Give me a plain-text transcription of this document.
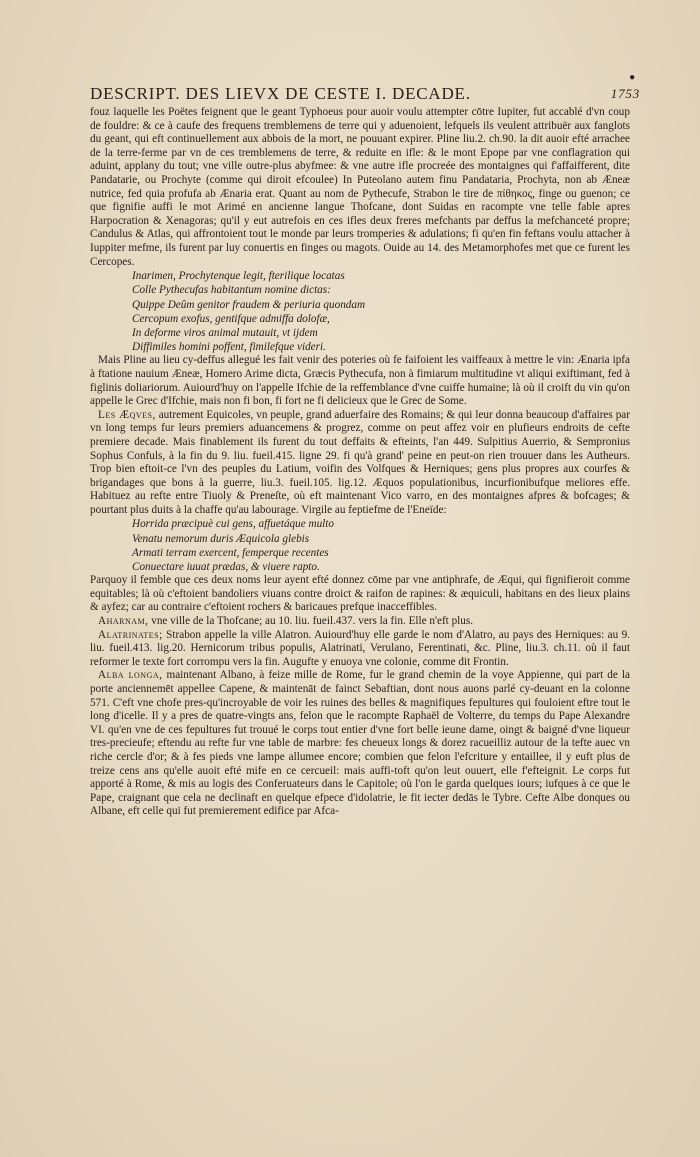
DESCRIPT. DES LIEVX DE CESTE I. DECADE.	1753
●

fouz laquelle les Poëtes feignent que le geant Typhoeus pour auoir voulu attempter cōtre Iupiter, fut accablé d'vn coup de fouldre: & ce à caufe des frequens tremblemens de terre qui y aduenoient, lefquels ils veulent attribuër aux fanglots du geant, qui eft continuellement aux abbois de la mort, ne pouuant expirer. Pline liu.2. ch.90. la dit auoir efté arrachee de la terre-ferme par vn de ces tremblemens de terre, & reduite en ifle: & le mont Epope par vne conflagration qui aduint, applany du tout; vne ville outre-plus abyfmee: & vne autre ifle procreée des montaignes qui f'affaifferent, dite Pandatarie, ou Prochyte (comme qui diroit efcoulee) In Puteolano autem finu Pandataria, Prochyta, non ab Æneæ nutrice, fed quia profufa ab Ænaria erat. Quant au nom de Pythecufe, Strabon le tire de πίθηκος, finge ou guenon; ce que fignifie auffi le mot Arimé en ancienne langue Thofcane, dont Suidas en racompte vne telle fable apres Harpocration & Xenagoras; qu'il y eut autrefois en ces ifles deux freres mefchants par deffus la mefchanceté propre; Candulus & Atlas, qui affrontoient tout le monde par leurs tromperies & adulations; fi qu'en fin feftans voulu attacher à Iuppiter mefme, ils furent par luy conuertis en finges ou magots. Ouide au 14. des Metamorphofes met que ce furent les Cercopes.

Inarimen, Prochytenque legit, fterilique locatas
Colle Pythecufas habitantum nomine dictas:
Quippe Deûm genitor fraudem & periuria quondam
Cercopum exofus, gentifque admiffa dolofæ,
In deforme viros animal mutauit, vt ijdem
Diffimiles homini poffent, fimilefque videri.

Mais Pline au lieu cy-deffus allegué les fait venir des poteries où fe faifoient les vaiffeaux à mettre le vin: Ænaria ipfa à ftatione nauium Æneæ, Homero Arime dicta, Græcis Pythecufa, non à fimiarum multitudine vt aliqui exiftimant, fed à figlinis doliariorum. Auiourd'huy on l'appelle Ifchie de la reffemblance d'vne cuiffe humaine; là où il croift du vin qu'on appelle le Grec d'Ifchie, mais non fi bon, fi fort ne fi delicieux que le Grec de Some.

Les Æqves, autrement Equicoles, vn peuple, grand aduerfaire des Romains; & qui leur donna beaucoup d'affaires par vn long temps fur leurs premiers aduancemens & progrez, comme on peut affez voir en plufieurs endroits de cefte premiere decade. Mais finablement ils furent du tout deffaits & efteints, l'an 449. Sulpitius Auerrio, & Sempronius Sophus Confuls, à la fin du 9. liu. fueil.415. ligne 29. fi qu'à grand' peine en peut-on rien trouuer dans les Autheurs. Trop bien eftoit-ce l'vn des peuples du Latium, voifin des Volfques & Herniques; gens plus propres aux courfes & brigandages que bons à la guerre, liu.3. fueil.105. lig.12. Æquos populationibus, incurfionibufque meliores effe. Habituez au refte entre Tiuoly & Preneſte, où eft maintenant Vico varro, en des montaignes afpres & bofcages; & pourtant plus duits à la chaffe qu'au labourage. Virgile au feptiefme de l'Eneïde:

Horrida præcipuè cui gens, affuetáque multo
Venatu nemorum duris Æquicola glebis
Armati terram exercent, femperque recentes
Conuectare iuuat prædas, & viuere rapto.

Parquoy il femble que ces deux noms leur ayent efté donnez cōme par vne antiphrafe, de Æqui, qui fignifieroit comme equitables; là où c'eftoient bandoliers viuans contre droict & raifon de rapines: & æquiculi, habitans en des lieux plains & ayfez; car au contraire c'eftoient rochers & baricaues prefque inacceffibles.

Aharnam, vne ville de la Thofcane; au 10. liu. fueil.437. vers la fin. Elle n'eft plus.

Alatrinates; Strabon appelle la ville Alatron. Auiourd'huy elle garde le nom d'Alatro, au pays des Herniques: au 9. liu. fueil.413. lig.20. Hernicorum tribus populis, Alatrinati, Verulano, Ferentinati, &c. Pline, liu.3. ch.11. où il faut reformer le texte fort corrompu vers la fin. Augufte y enuoya vne colonie, comme dit Frontin.

Alba longa, maintenant Albano, à feize mille de Rome, fur le grand chemin de la voye Appienne, qui part de la porte anciennemēt appellee Capene, & maintenāt de fainct Sebaftian, dont nous auons parlé cy-deuant en la colonne 571. C'eft vne chofe pres-qu'incroyable de voir les ruines des belles & magnifiques fepultures qui fouloient eftre tout le long d'icelle. Il y a pres de quatre-vingts ans, felon que le racompte Raphaël de Volterre, du temps du Pape Alexandre VI. qu'en vne de ces fepultures fut trouué le corps tout entier d'vne fort belle ieune dame, oingt & baigné d'vne liqueur tres-precieufe; eftendu au refte fur vne table de marbre: fes cheueux longs & dorez racueilliz autour de la tefte auec vn riche cercle d'or; & à fes pieds vne lampe allumee encore; combien que felon l'efcriture y entaillee, il y euft plus de treize cens ans qu'elle auoit efté mife en ce cercueil: mais auffi-toft qu'on leut ouuert, elle f'efteignit. Le corps fut apporté à Rome, & mis au logis des Conferuateurs dans le Capitole; où l'on le garda quelques iours; iufques à ce que le Pape, craignant que cela ne declinaft en quelque efpece d'idolatrie, le fit iecter dedās le Tybre. Cefte Albe donques ou Albane, eft celle qui fut premierement edifice par Afca-
